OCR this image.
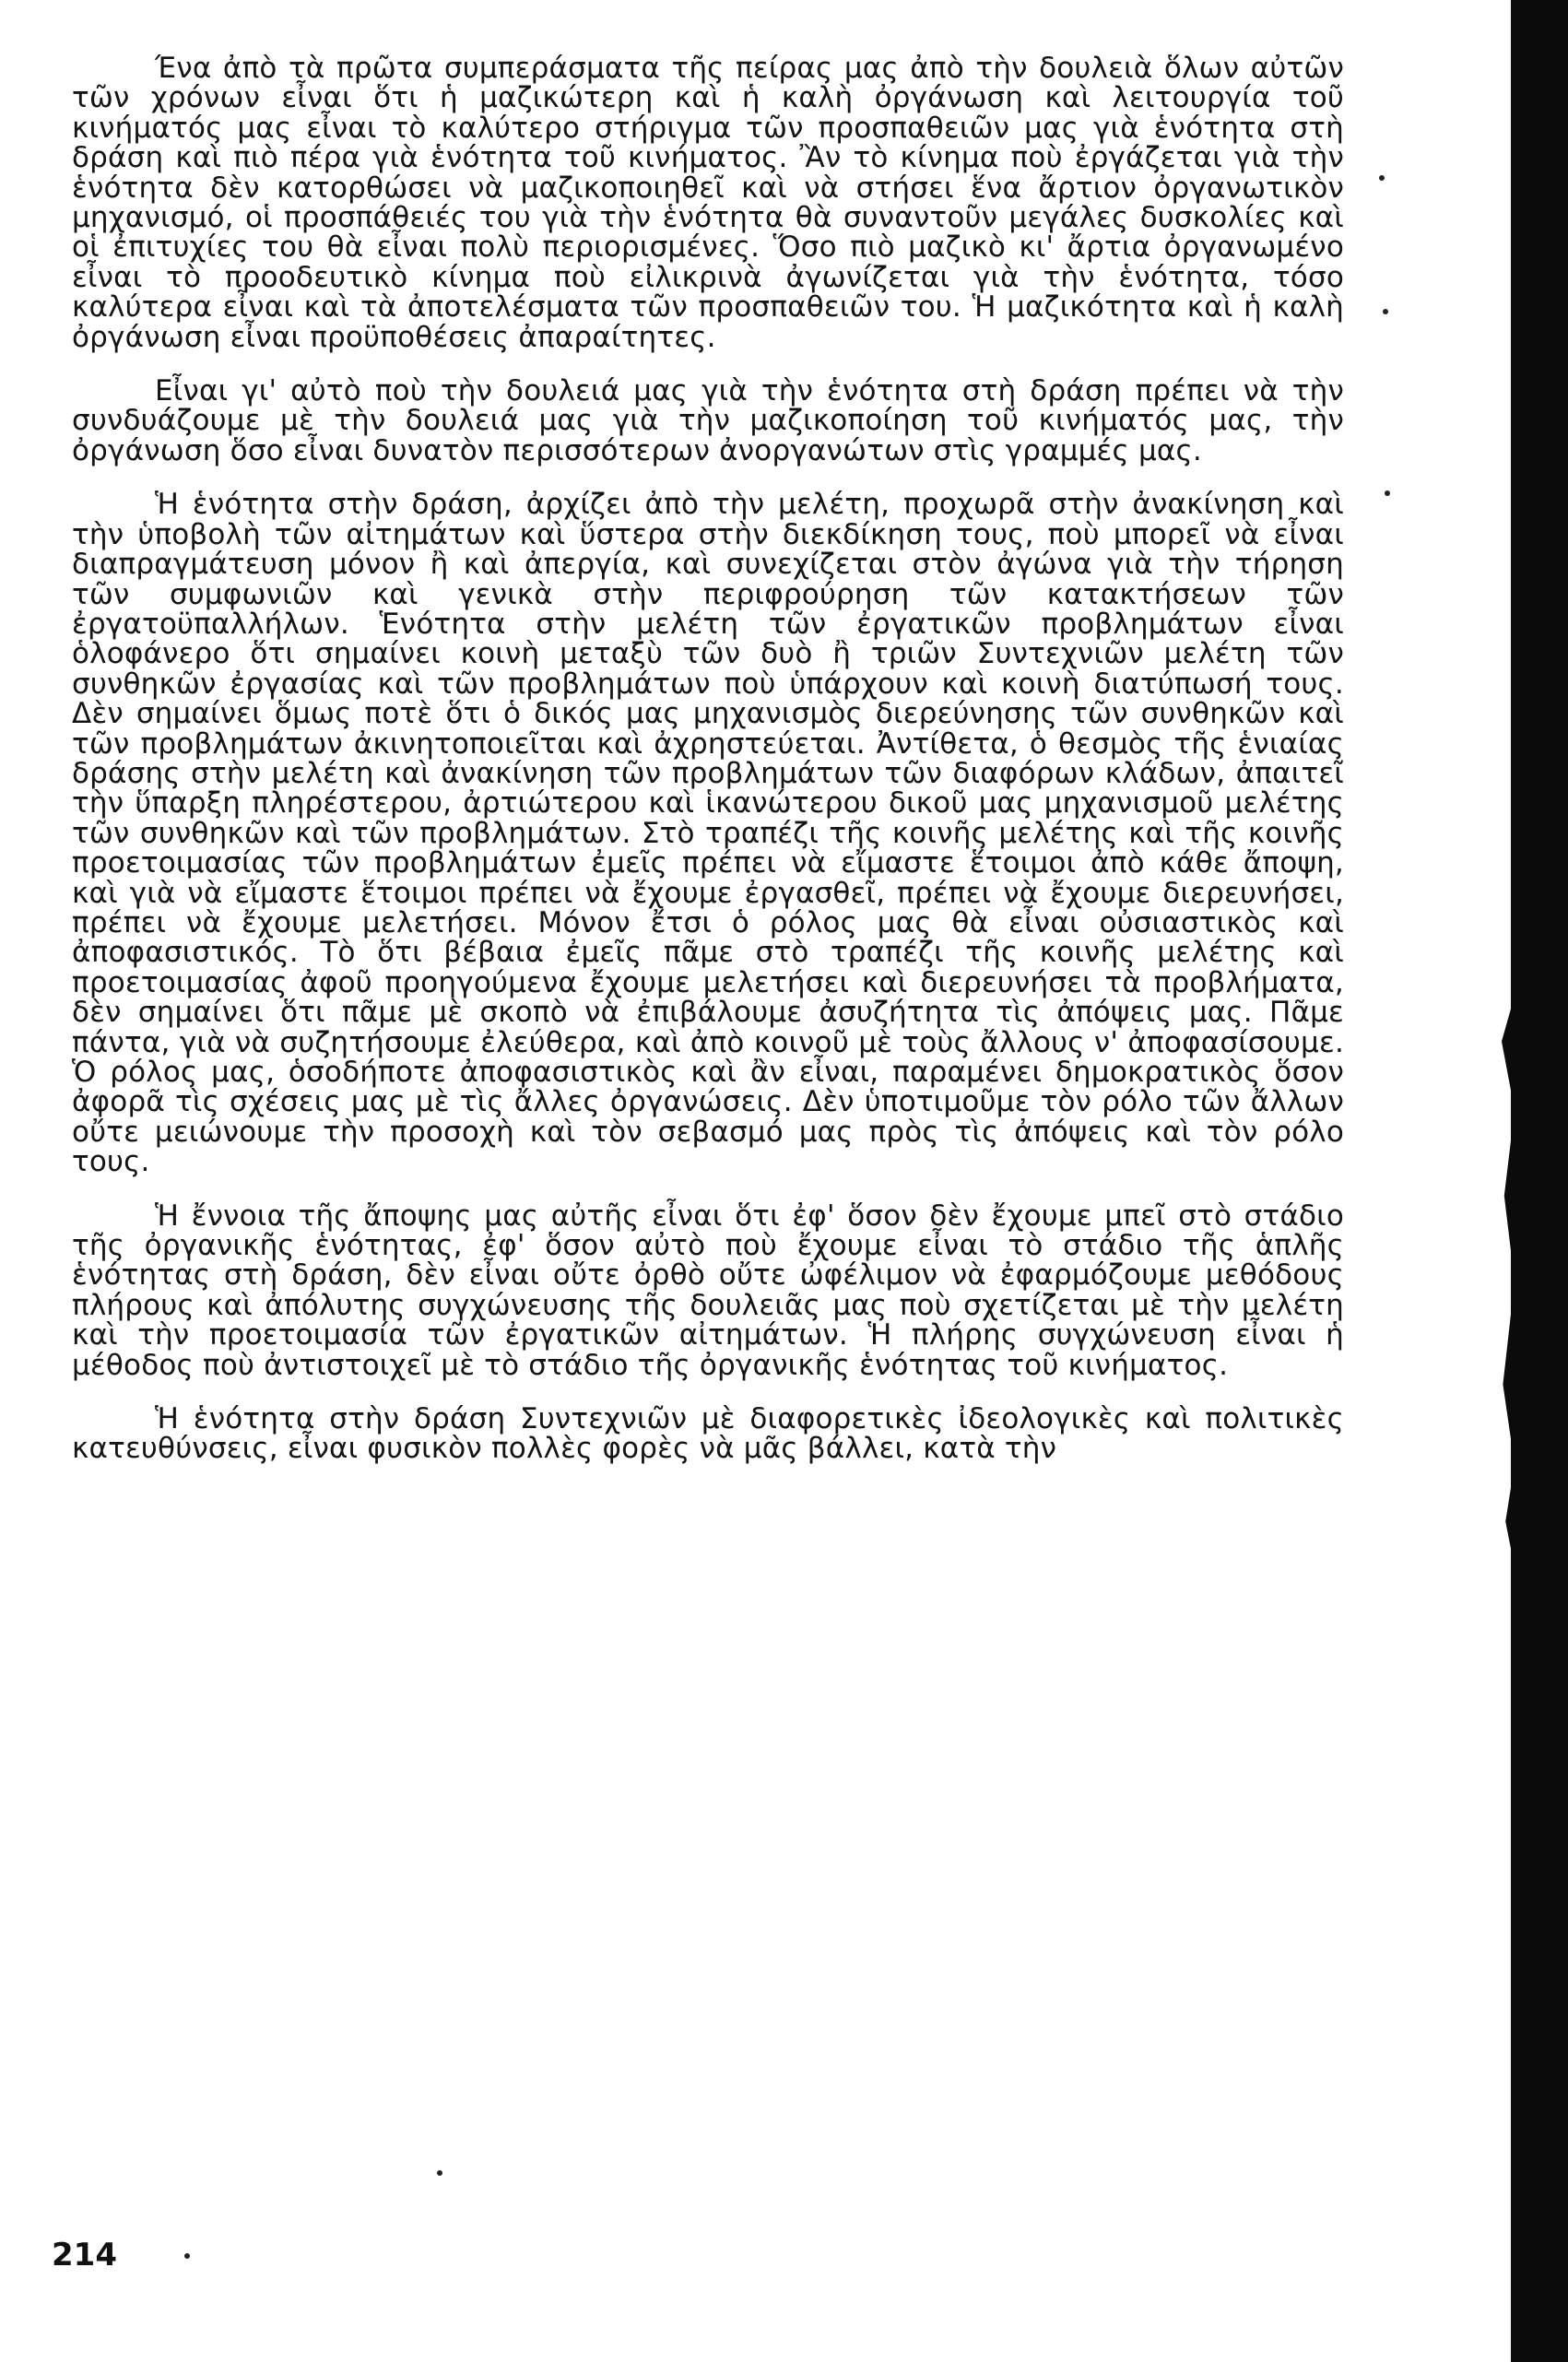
Ένα ἀπὸ τὰ πρῶτα συμπεράσματα τῆς πείρας μας ἀπὸ τὴν δουλειὰ ὅλων αὐτῶν τῶν χρόνων εἶναι ὅτι ἡ μαζικώτερη καὶ ἡ καλὴ ὀργάνωση καὶ λειτουργία τοῦ κινήματός μας εἶναι τὸ καλύτερο στήριγμα τῶν προσπαθειῶν μας γιὰ ἑνότητα στὴ δράση καὶ πιὸ πέρα γιὰ ἑνότητα τοῦ κινήματος. Ἂν τὸ κίνημα ποὺ ἐργάζεται γιὰ τὴν ἑνότητα δὲν κατορθώσει νὰ μαζικοποιηθεῖ καὶ νὰ στήσει ἕνα ἄρτιον ὀργανωτικὸν μηχανισμό, οἱ προσπάθειές του γιὰ τὴν ἑνότητα θὰ συναντοῦν μεγάλες δυσκολίες καὶ οἱ ἐπιτυχίες του θὰ εἶναι πολὺ περιορισμένες. Ὅσο πιὸ μαζικὸ κι' ἄρτια ὀργανωμένο εἶναι τὸ προοδευτικὸ κίνημα ποὺ εἰλικρινὰ ἀγωνίζεται γιὰ τὴν ἑνότητα, τόσο καλύτερα εἶναι καὶ τὰ ἀποτελέσματα τῶν προσπαθειῶν του. Ἡ μαζικότητα καὶ ἡ καλὴ ὀργάνωση εἶναι προϋποθέσεις ἀπαραίτητες.

Εἶναι γι' αὐτὸ ποὺ τὴν δουλειά μας γιὰ τὴν ἑνότητα στὴ δράση πρέπει νὰ τὴν συνδυάζουμε μὲ τὴν δουλειά μας γιὰ τὴν μαζικοποίηση τοῦ κινήματός μας, τὴν ὀργάνωση ὅσο εἶναι δυνατὸν περισσότερων ἀνοργανώτων στὶς γραμμές μας.

Ἡ ἑνότητα στὴν δράση, ἀρχίζει ἀπὸ τὴν μελέτη, προχωρᾶ στὴν ἀνακίνηση καὶ τὴν ὑποβολὴ τῶν αἰτημάτων καὶ ὕστερα στὴν διεκδίκηση τους, ποὺ μπορεῖ νὰ εἶναι διαπραγμάτευση μόνον ἢ καὶ ἀπεργία, καὶ συνεχίζεται στὸν ἀγώνα γιὰ τὴν τήρηση τῶν συμφωνιῶν καὶ γενικὰ στὴν περιφρούρηση τῶν κατακτήσεων τῶν ἐργατοϋπαλλήλων. Ἑνότητα στὴν μελέτη τῶν ἐργατικῶν προβλημάτων εἶναι ὁλοφάνερο ὅτι σημαίνει κοινὴ μεταξὺ τῶν δυὸ ἢ τριῶν Συντεχνιῶν μελέτη τῶν συνθηκῶν ἐργασίας καὶ τῶν προβλημάτων ποὺ ὑπάρχουν καὶ κοινὴ διατύπωσή τους. Δὲν σημαίνει ὅμως ποτὲ ὅτι ὁ δικός μας μηχανισμὸς διερεύνησης τῶν συνθηκῶν καὶ τῶν προβλημάτων ἀκινητοποιεῖται καὶ ἀχρηστεύεται. Ἀντίθετα, ὁ θεσμὸς τῆς ἑνιαίας δράσης στὴν μελέτη καὶ ἀνακίνηση τῶν προβλημάτων τῶν διαφόρων κλάδων, ἀπαιτεῖ τὴν ὕπαρξη πληρέστερου, ἀρτιώτερου καὶ ἱκανώτερου δικοῦ μας μηχανισμοῦ μελέτης τῶν συνθηκῶν καὶ τῶν προβλημάτων. Στὸ τραπέζι τῆς κοινῆς μελέτης καὶ τῆς κοινῆς προετοιμασίας τῶν προβλημάτων ἐμεῖς πρέπει νὰ εἴμαστε ἕτοιμοι ἀπὸ κάθε ἄποψη, καὶ γιὰ νὰ εἴμαστε ἕτοιμοι πρέπει νὰ ἔχουμε ἐργασθεῖ, πρέπει νὰ ἔχουμε διερευνήσει, πρέπει νὰ ἔχουμε μελετήσει. Μόνον ἔτσι ὁ ρόλος μας θὰ εἶναι οὐσιαστικὸς καὶ ἀποφασιστικός. Τὸ ὅτι βέβαια ἐμεῖς πᾶμε στὸ τραπέζι τῆς κοινῆς μελέτης καὶ προετοιμασίας ἀφοῦ προηγούμενα ἔχουμε μελετήσει καὶ διερευνήσει τὰ προβλήματα, δὲν σημαίνει ὅτι πᾶμε μὲ σκοπὸ νὰ ἐπιβάλουμε ἀσυζήτητα τὶς ἀπόψεις μας. Πᾶμε πάντα, γιὰ νὰ συζητήσουμε ἐλεύθερα, καὶ ἀπὸ κοινοῦ μὲ τοὺς ἄλλους ν' ἀποφασίσουμε. Ὁ ρόλος μας, ὁσοδήποτε ἀποφασιστικὸς καὶ ἂν εἶναι, παραμένει δημοκρατικὸς ὅσον ἀφορᾶ τὶς σχέσεις μας μὲ τὶς ἄλλες ὀργανώσεις. Δὲν ὑποτιμοῦμε τὸν ρόλο τῶν ἄλλων οὔτε μειώνουμε τὴν προσοχὴ καὶ τὸν σεβασμό μας πρὸς τὶς ἀπόψεις καὶ τὸν ρόλο τους.

Ἡ ἔννοια τῆς ἄποψης μας αὐτῆς εἶναι ὅτι ἐφ' ὅσον δὲν ἔχουμε μπεῖ στὸ στάδιο τῆς ὀργανικῆς ἑνότητας, ἐφ' ὅσον αὐτὸ ποὺ ἔχουμε εἶναι τὸ στάδιο τῆς ἁπλῆς ἑνότητας στὴ δράση, δὲν εἶναι οὔτε ὀρθὸ οὔτε ὠφέλιμον νὰ ἐφαρμόζουμε μεθόδους πλήρους καὶ ἀπόλυτης συγχώνευσης τῆς δουλειᾶς μας ποὺ σχετίζεται μὲ τὴν μελέτη καὶ τὴν προετοιμασία τῶν ἐργατικῶν αἰτημάτων. Ἡ πλήρης συγχώνευση εἶναι ἡ μέθοδος ποὺ ἀντιστοιχεῖ μὲ τὸ στάδιο τῆς ὀργανικῆς ἑνότητας τοῦ κινήματος.

Ἡ ἑνότητα στὴν δράση Συντεχνιῶν μὲ διαφορετικὲς ἰδεολογικὲς καὶ πολιτικὲς κατευθύνσεις, εἶναι φυσικὸν πολλὲς φορὲς νὰ μᾶς βάλλει, κατὰ τὴν

214
